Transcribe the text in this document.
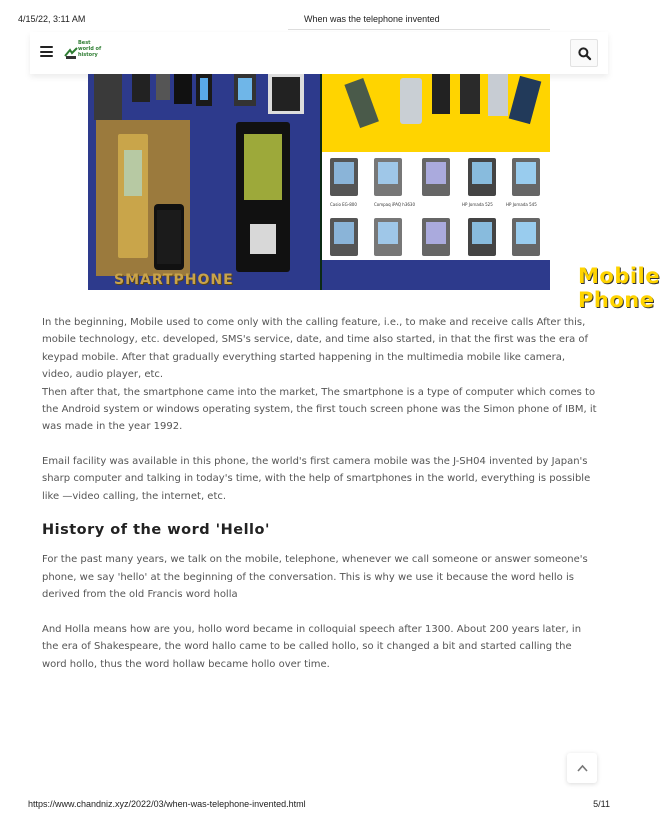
4/15/22, 3:11 AM	When was the telephone invented
Best world of history
SMARTPHONE
Casio EG-800	Compaq iPAQ h3630	HP Jornada 525	HP Jornada 545
Mobile Phone

In the beginning, Mobile used to come only with the calling feature, i.e., to make and receive calls After this, mobile technology, etc. developed, SMS's service, date, and time also started, in that the first was the era of keypad mobile. After that gradually everything started happening in the multimedia mobile like camera, video, audio player, etc.

Then after that, the smartphone came into the market, The smartphone is a type of computer which comes to the Android system or windows operating system, the first touch screen phone was the Simon phone of IBM, it was made in the year 1992.

Email facility was available in this phone, the world's first camera mobile was the J-SH04 invented by Japan's sharp computer and talking in today's time, with the help of smartphones in the world, everything is possible like —video calling, the internet, etc.

History of the word 'Hello'

For the past many years, we talk on the mobile, telephone, whenever we call someone or answer someone's phone, we say 'hello' at the beginning of the conversation. This is why we use it because the word hello is derived from the old Francis word holla

And Holla means how are you, hollo word became in colloquial speech after 1300. About 200 years later, in the era of Shakespeare, the word hallo came to be called hollo, so it changed a bit and started calling the word hollo, thus the word hollaw became hollo over time.

https://www.chandniz.xyz/2022/03/when-was-telephone-invented.html	5/11
